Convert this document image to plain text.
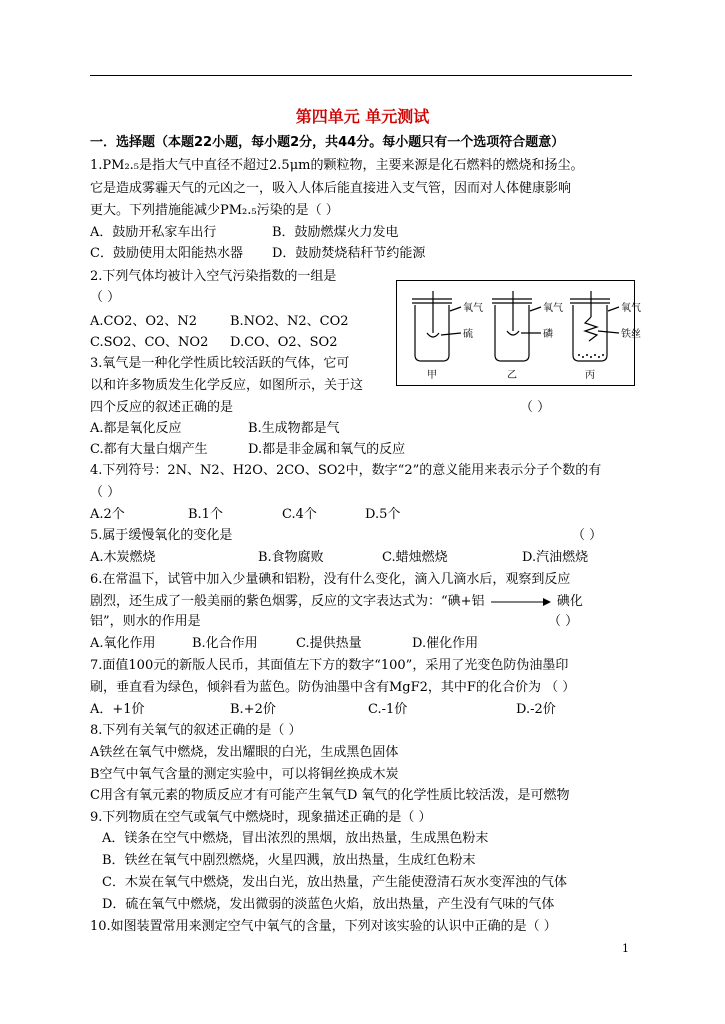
第四单元 单元测试
一．选择题（本题22小题，每小题2分，共44分。每小题只有一个选项符合题意）
1.PM₂.₅是指大气中直径不超过2.5μm的颗粒物，主要来源是化石燃料的燃烧和扬尘。
它是造成雾霾天气的元凶之一，吸入人体后能直接进入支气管，因而对人体健康影响
更大。下列措施能减少PM₂.₅污染的是（ ）
A．鼓励开私家车出行	B．鼓励燃煤火力发电
C．鼓励使用太阳能热水器 D．鼓励焚烧秸秆节约能源
2.下列气体均被计入空气污染指数的一组是
（ ）
A.CO2、O2、N2	B.NO2、N2、CO2
C.SO2、CO、NO2 D.CO、O2、SO2
氧气
硫
氧气
磷
氧气
铁丝
甲	乙	丙
3.氧气是一种化学性质比较活跃的气体，它可
以和许多物质发生化学反应，如图所示，关于这
四个反应的叙述正确的是	（ ）
A.都是氧化反应	B.生成物都是气
C.都有大量白烟产生	D.都是非金属和氧气的反应
4.下列符号：2N、N2、H2O、2CO、SO2中，数字“2”的意义能用来表示分子个数的有
（ ）
A.2个	B.1个	C.4个	D.5个
5.属于缓慢氧化的变化是	（ ）
A.木炭燃烧	B.食物腐败	C.蜡烛燃烧	D.汽油燃烧
6.在常温下，试管中加入少量碘和铝粉，没有什么变化，滴入几滴水后，观察到反应
剧烈，还生成了一般美丽的紫色烟雾，反应的文字表达式为：“碘+铝	碘化
铝”，则水的作用是	（ ）
A.氧化作用	B.化合作用	C.提供热量	D.催化作用
7.面值100元的新版人民币，其面值左下方的数字“100”，采用了光变色防伪油墨印
刷，垂直看为绿色，倾斜看为蓝色。防伪油墨中含有MgF2，其中F的化合价为 （ ）
A．+1价	B.+2价	C.-1价	D.-2价
8.下列有关氧气的叙述正确的是（ ）
A铁丝在氧气中燃烧，发出耀眼的白光，生成黑色固体
B空气中氧气含量的测定实验中，可以将铜丝换成木炭
C用含有氧元素的物质反应才有可能产生氧气D 氧气的化学性质比较活泼，是可燃物
9.下列物质在空气或氧气中燃烧时，现象描述正确的是（ ）
A．镁条在空气中燃烧，冒出浓烈的黑烟，放出热量，生成黑色粉末
B．铁丝在氧气中剧烈燃烧，火星四溅，放出热量，生成红色粉末
C．木炭在氧气中燃烧，发出白光，放出热量，产生能使澄清石灰水变浑浊的气体
D．硫在氧气中燃烧，发出微弱的淡蓝色火焰，放出热量，产生没有气味的气体
10.如图装置常用来测定空气中氧气的含量，下列对该实验的认识中正确的是（ ）
1
